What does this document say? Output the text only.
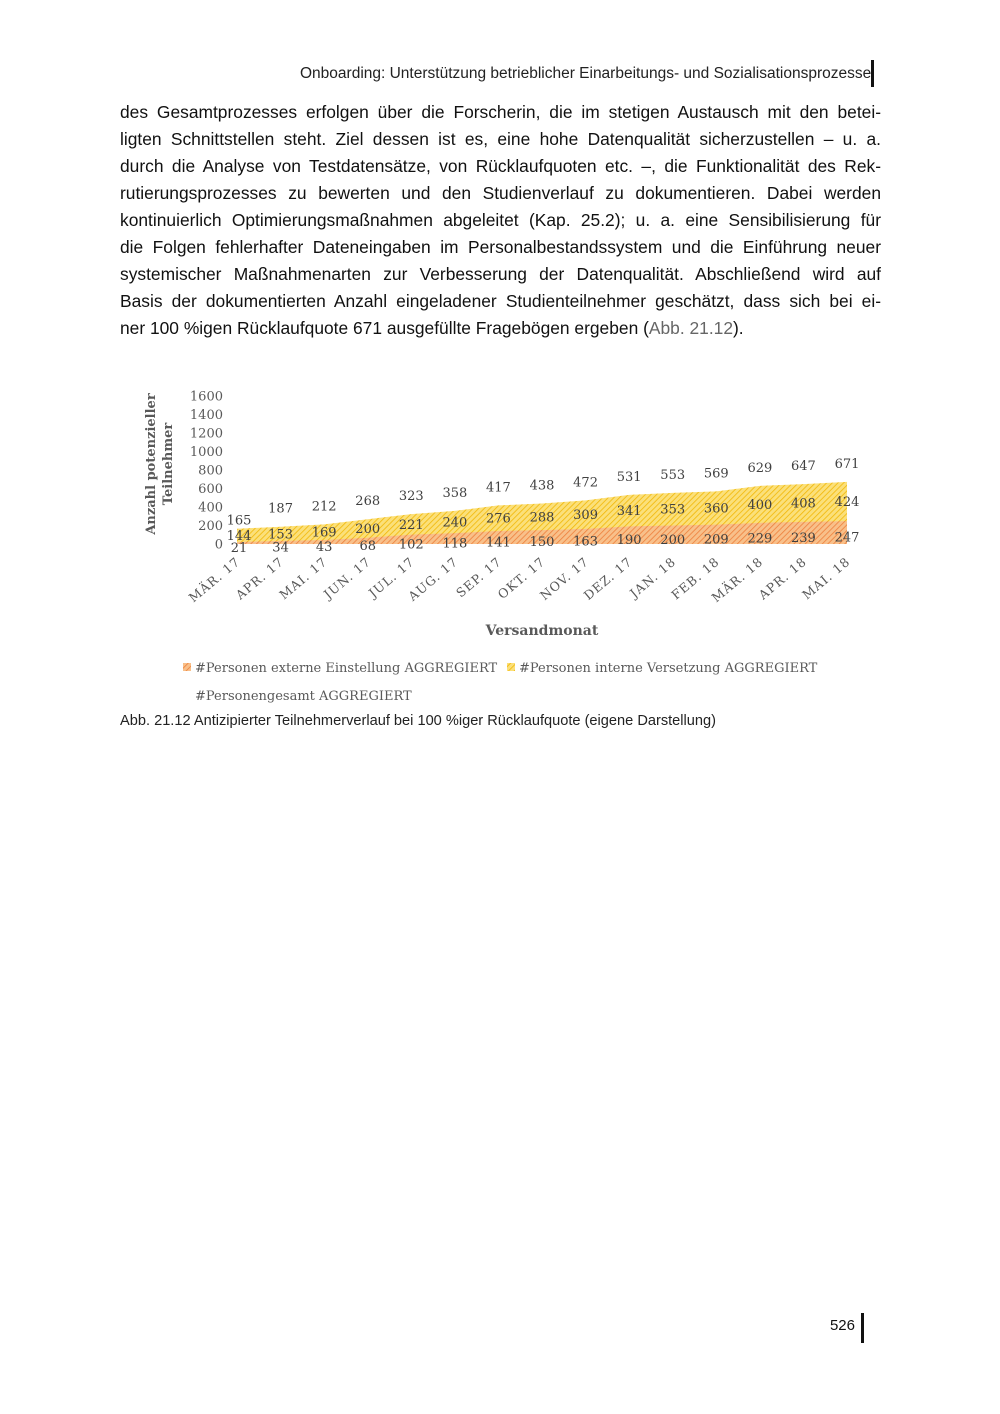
Onboarding: Unterstützung betrieblicher Einarbeitungs- und Sozialisationsprozesse
des Gesamtprozesses erfolgen über die Forscherin, die im stetigen Austausch mit den betei-
ligten Schnittstellen steht. Ziel dessen ist es, eine hohe Datenqualität sicherzustellen – u. a.
durch die Analyse von Testdatensätze, von Rücklaufquoten etc. –, die Funktionalität des Rek-
rutierungsprozesses zu bewerten und den Studienverlauf zu dokumentieren. Dabei werden
kontinuierlich Optimierungsmaßnahmen abgeleitet (Kap. 25.2); u. a. eine Sensibilisierung für
die Folgen fehlerhafter Dateneingaben im Personalbestandssystem und die Einführung neuer
systemischer Maßnahmenarten zur Verbesserung der Datenqualität. Abschließend wird auf
Basis der dokumentierten Anzahl eingeladener Studienteilnehmer geschätzt, dass sich bei ei-
ner 100 %igen Rücklaufquote 671 ausgefüllte Fragebögen ergeben (Abb. 21.12).
Anzahl potenzieller Teilnehmer
0
200
400
600
800
1000
1200
1400
1600
21 34 43 68 102 118 141 150 163 190 200 209 229 239 247
144 153 169 200 221 240 276 288 309 341 353 360 400 408 424
165
187 212 268 323 358 417 438 472 531 553 569 629 647 671
MÄR. 17
APR. 17
MAI. 17
JUN. 17
JUL. 17
AUG. 17
SEP. 17
OKT. 17
NOV. 17
DEZ. 17
JAN. 18
FEB. 18
MÄR. 18
APR. 18
MAI. 18
Versandmonat
#Personen externe Einstellung AGGREGIERT #Personen interne Versetzung AGGREGIERT
#Personengesamt AGGREGIERT
Abb. 21.12 Antizipierter Teilnehmerverlauf bei 100 %iger Rücklaufquote (eigene Darstellung)
526
